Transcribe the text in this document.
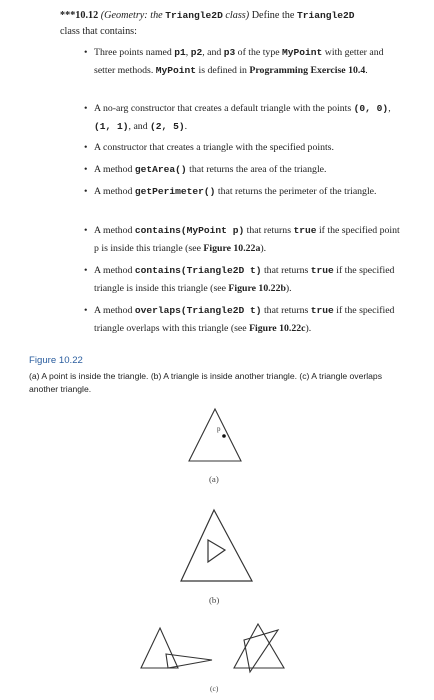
***10.12 (Geometry: the Triangle2D class) Define the Triangle2D
class that contains:
• Three points named p1, p2, and p3 of the type MyPoint with getter and setter methods. MyPoint is defined in Programming Exercise 10.4.
• A no-arg constructor that creates a default triangle with the points (0, 0), (1, 1), and (2, 5).
• A constructor that creates a triangle with the specified points.
• A method getArea() that returns the area of the triangle.
• A method getPerimeter() that returns the perimeter of the triangle.
• A method contains(MyPoint p) that returns true if the specified point p is inside this triangle (see Figure 10.22a).
• A method contains(Triangle2D t) that returns true if the specified triangle is inside this triangle (see Figure 10.22b).
• A method overlaps(Triangle2D t) that returns true if the specified triangle overlaps with this triangle (see Figure 10.22c).
Figure 10.22
(a) A point is inside the triangle. (b) A triangle is inside another triangle. (c) A triangle overlaps another triangle.
p
(a)
(b)
(c)
